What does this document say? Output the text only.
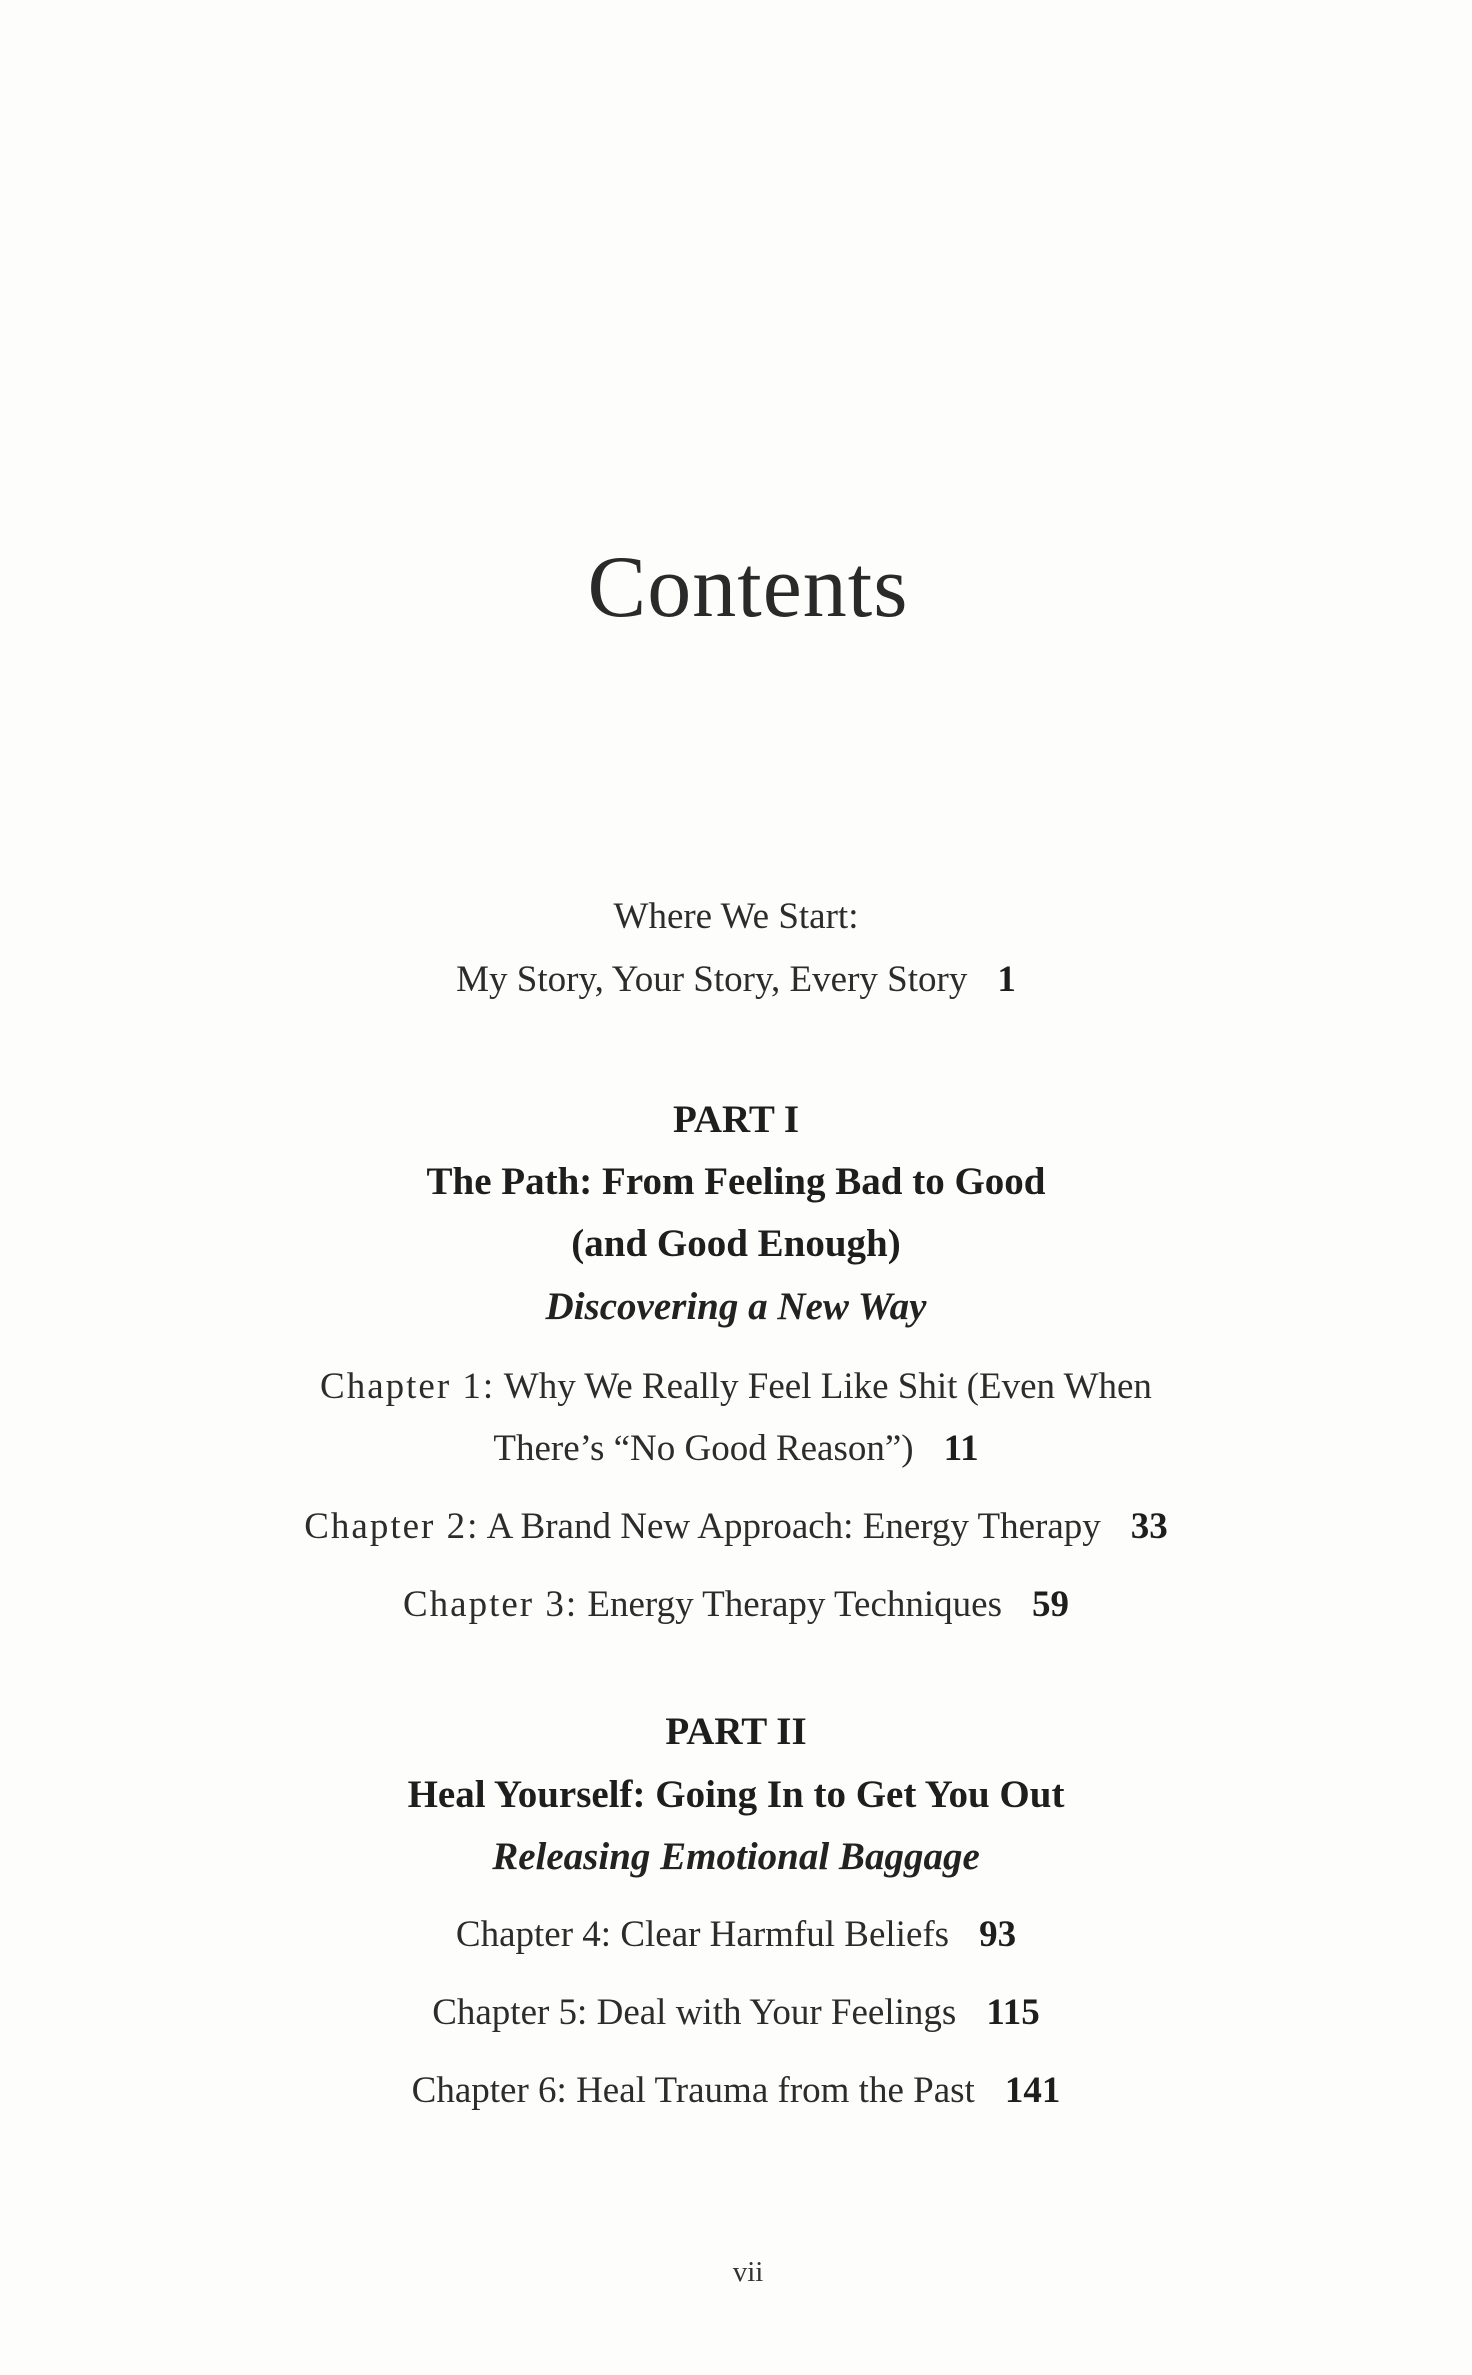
Contents
Where We Start:
My Story, Your Story, Every Story 1
PART I
The Path: From Feeling Bad to Good
(and Good Enough)
Discovering a New Way
Chapter 1: Why We Really Feel Like Shit (Even When
There’s “No Good Reason”) 11
Chapter 2: A Brand New Approach: Energy Therapy 33
Chapter 3: Energy Therapy Techniques 59
PART II
Heal Yourself: Going In to Get You Out
Releasing Emotional Baggage
Chapter 4: Clear Harmful Beliefs 93
Chapter 5: Deal with Your Feelings 115
Chapter 6: Heal Trauma from the Past 141
vii
